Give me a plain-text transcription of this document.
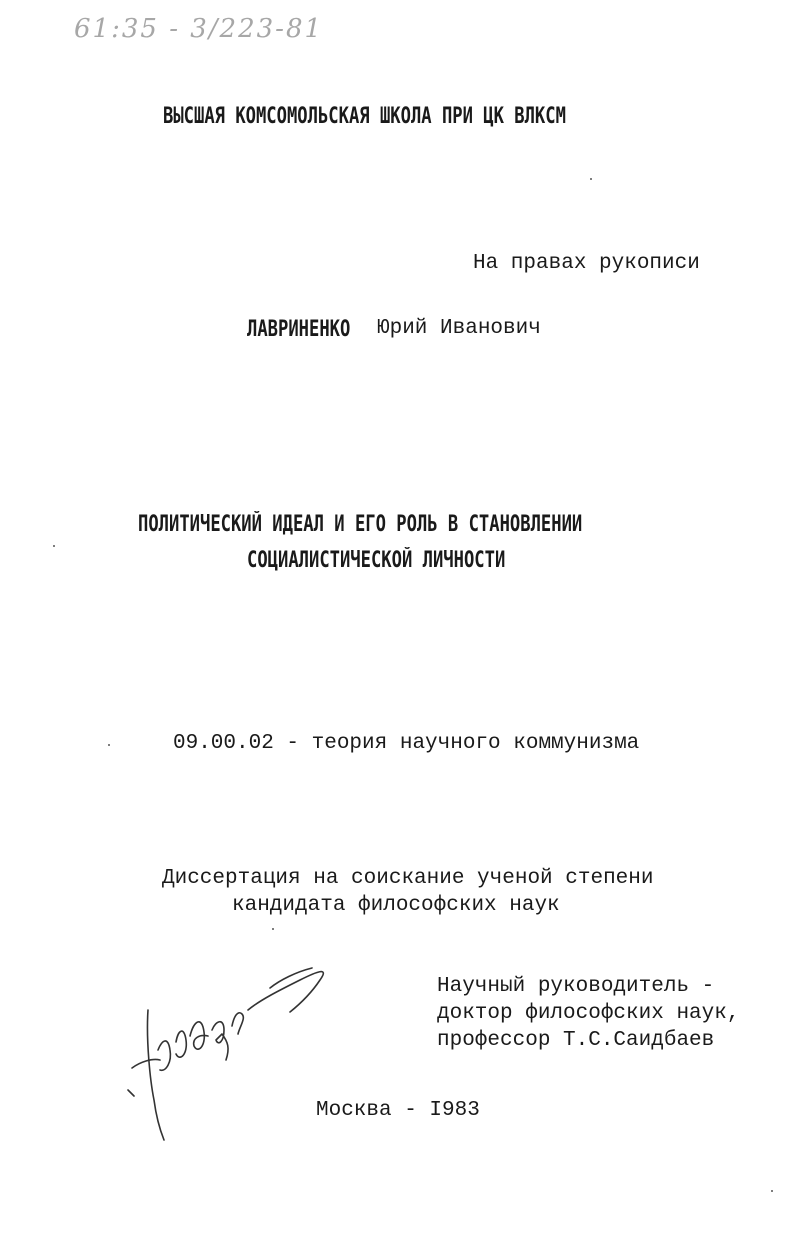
61:35 - 3/223-81
ВЫСШАЯ КОМСОМОЛЬСКАЯ ШКОЛА ПРИ ЦК ВЛКСМ
На правах рукописи
ЛАВРИНЕНКО Юрий Иванович
ПОЛИТИЧЕСКИЙ ИДЕАЛ И ЕГО РОЛЬ В СТАНОВЛЕНИИ
СОЦИАЛИСТИЧЕСКОЙ ЛИЧНОСТИ
09.00.02 - теория научного коммунизма
Диссертация на соискание ученой степени
кандидата философских наук
Научный руководитель -
доктор философских наук,
профессор Т.С.Саидбаев
Москва - I983
